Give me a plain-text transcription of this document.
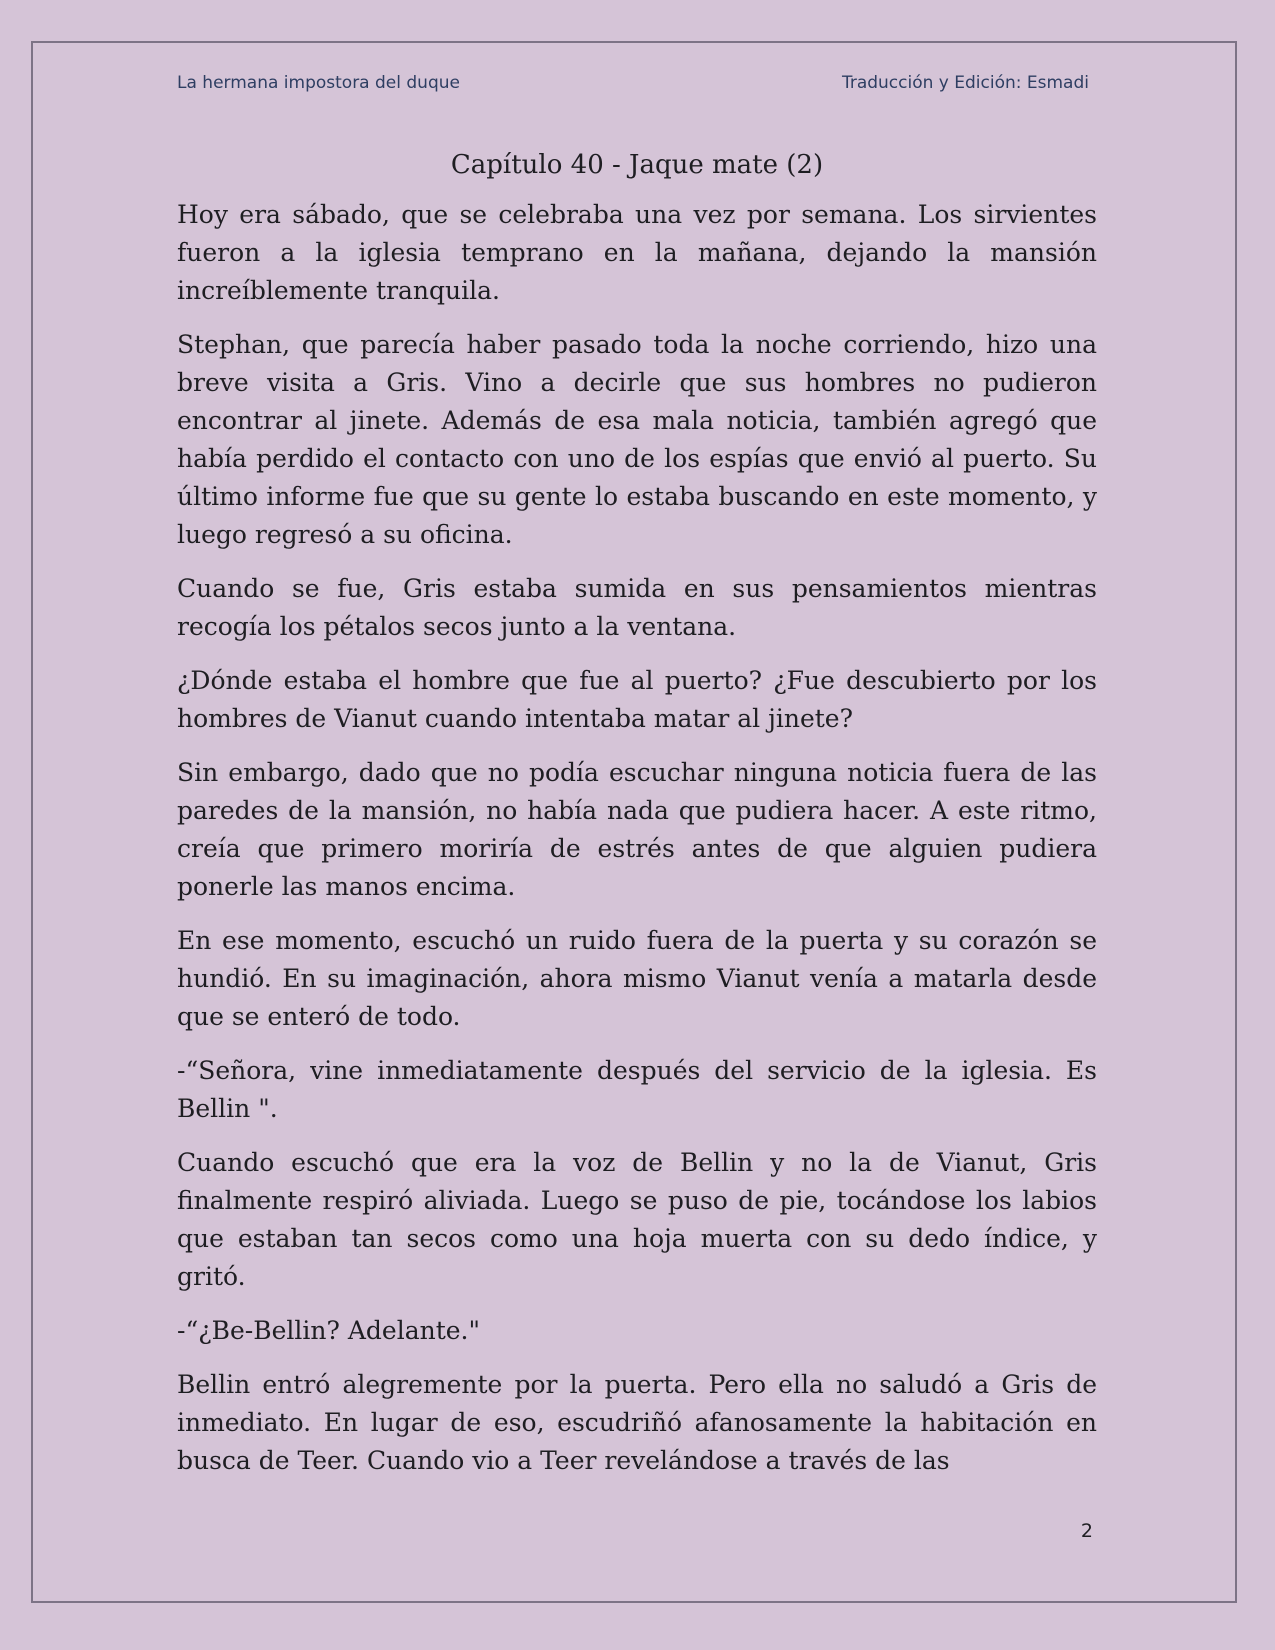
La hermana impostora del duque	Traducción y Edición: Esmadi
Capítulo 40 - Jaque mate (2)

Hoy era sábado, que se celebraba una vez por semana. Los sirvientes fueron a la iglesia temprano en la mañana, dejando la mansión increíblemente tranquila.

Stephan, que parecía haber pasado toda la noche corriendo, hizo una breve visita a Gris. Vino a decirle que sus hombres no pudieron encontrar al jinete. Además de esa mala noticia, también agregó que había perdido el contacto con uno de los espías que envió al puerto. Su último informe fue que su gente lo estaba buscando en este momento, y luego regresó a su oficina.

Cuando se fue, Gris estaba sumida en sus pensamientos mientras recogía los pétalos secos junto a la ventana.

¿Dónde estaba el hombre que fue al puerto? ¿Fue descubierto por los hombres de Vianut cuando intentaba matar al jinete?

Sin embargo, dado que no podía escuchar ninguna noticia fuera de las paredes de la mansión, no había nada que pudiera hacer. A este ritmo, creía que primero moriría de estrés antes de que alguien pudiera ponerle las manos encima.

En ese momento, escuchó un ruido fuera de la puerta y su corazón se hundió. En su imaginación, ahora mismo Vianut venía a matarla desde que se enteró de todo.

-“Señora, vine inmediatamente después del servicio de la iglesia. Es Bellin ".

Cuando escuchó que era la voz de Bellin y no la de Vianut, Gris finalmente respiró aliviada. Luego se puso de pie, tocándose los labios que estaban tan secos como una hoja muerta con su dedo índice, y gritó.

-“¿Be-Bellin? Adelante."

Bellin entró alegremente por la puerta. Pero ella no saludó a Gris de inmediato. En lugar de eso, escudriñó afanosamente la habitación en busca de Teer. Cuando vio a Teer revelándose a través de las

2
